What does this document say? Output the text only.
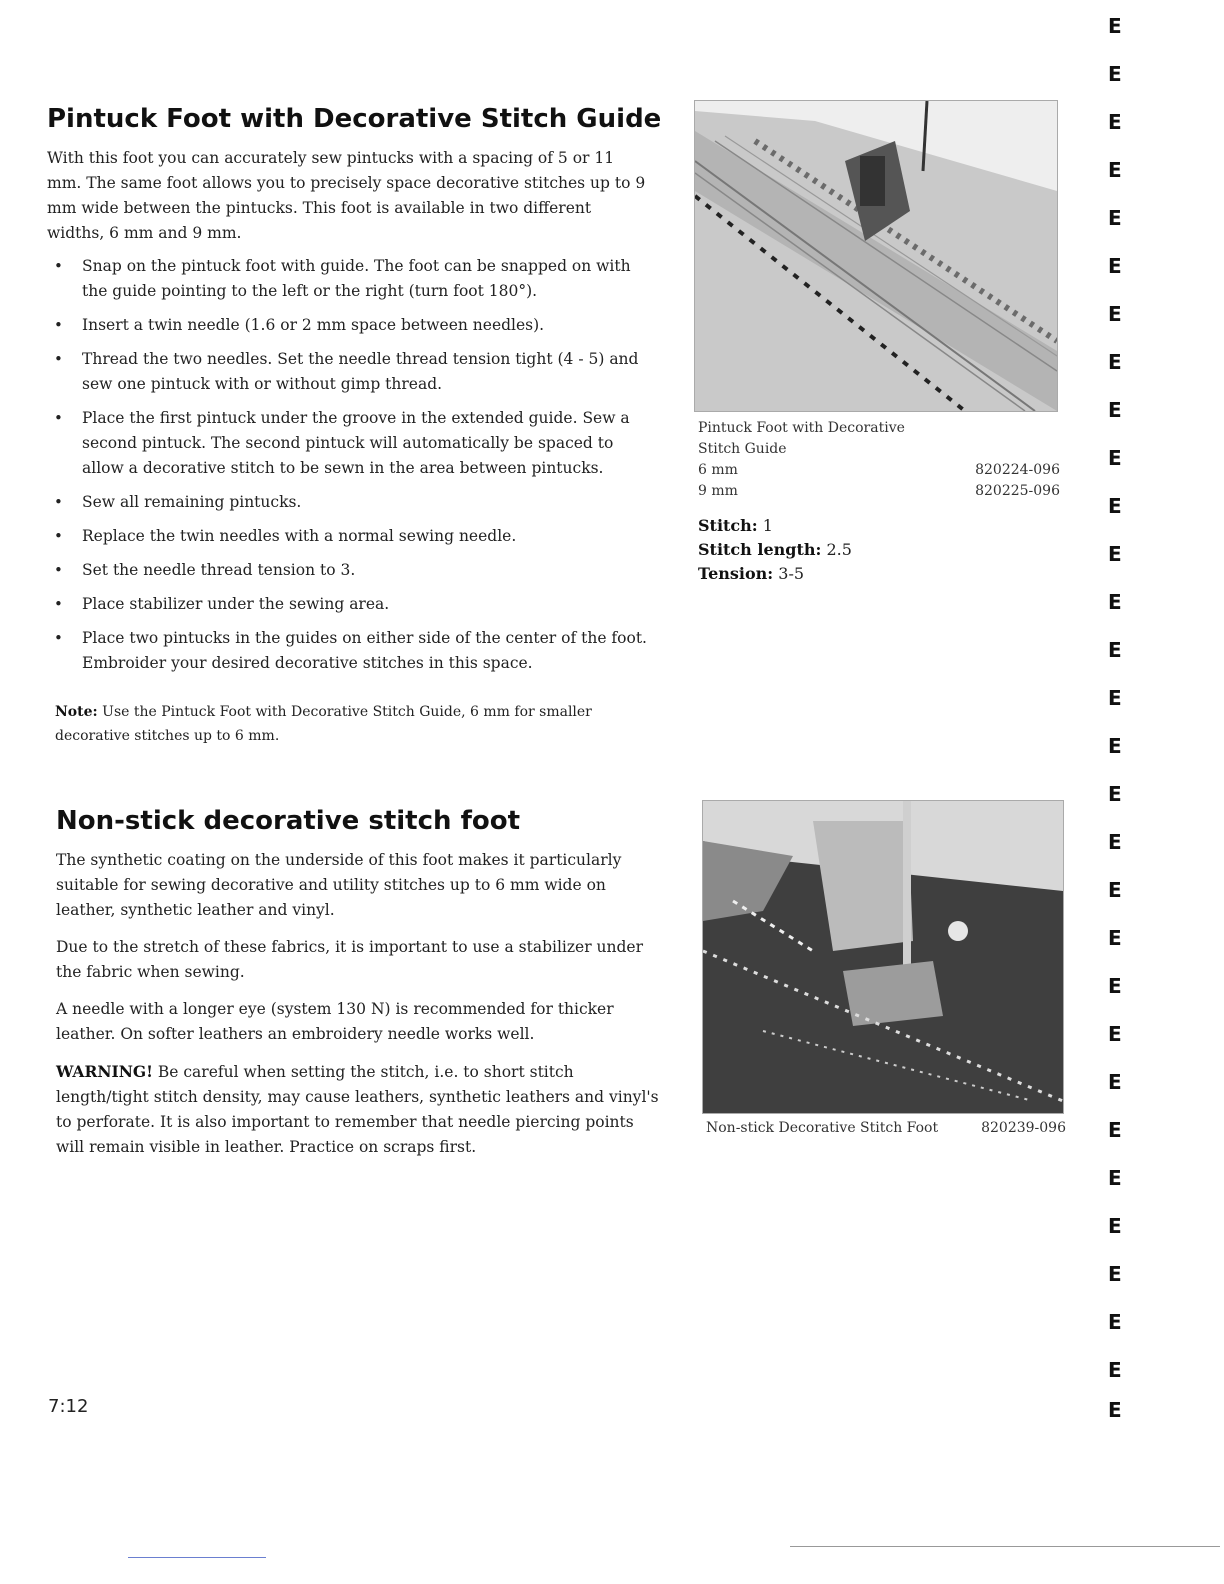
Pintuck Foot with Decorative Stitch Guide

With this foot you can accurately sew pintucks with a spacing of 5 or 11 mm. The same foot allows you to precisely space decorative stitches up to 9 mm wide between the pintucks. This foot is available in two different widths, 6 mm and 9 mm.

• Snap on the pintuck foot with guide. The foot can be snapped on with the guide pointing to the left or the right (turn foot 180°).
• Insert a twin needle (1.6 or 2 mm space between needles).
• Thread the two needles. Set the needle thread tension tight (4 - 5) and sew one pintuck with or without gimp thread.
• Place the first pintuck under the groove in the extended guide. Sew a second pintuck. The second pintuck will automatically be spaced to allow a decorative stitch to be sewn in the area between pintucks.
• Sew all remaining pintucks.
• Replace the twin needles with a normal sewing needle.
• Set the needle thread tension to 3.
• Place stabilizer under the sewing area.
• Place two pintucks in the guides on either side of the center of the foot. Embroider your desired decorative stitches in this space.

Note: Use the Pintuck Foot with Decorative Stitch Guide, 6 mm for smaller decorative stitches up to 6 mm.

Pintuck Foot with Decorative
Stitch Guide
6 mm	820224-096
9 mm	820225-096
Stitch: 1
Stitch length: 2.5
Tension: 3-5
Non-stick decorative stitch foot

The synthetic coating on the underside of this foot makes it particularly suitable for sewing decorative and utility stitches up to 6 mm wide on leather, synthetic leather and vinyl.

Due to the stretch of these fabrics, it is important to use a stabilizer under the fabric when sewing.

A needle with a longer eye (system 130 N) is recommended for thicker leather. On softer leathers an embroidery needle works well.

WARNING! Be careful when setting the stitch, i.e. to short stitch length/tight stitch density, may cause leathers, synthetic leathers and vinyl's to perforate. It is also important to remember that needle piercing points will remain visible in leather. Practice on scraps first.

Non-stick Decorative Stitch Foot	820239-096
7:12
E
E
E
E
E
E
E
E
E
E
E
E
E
E
E
E
E
E
E
E
E
E
E
E
E
E
E
E
E
E
